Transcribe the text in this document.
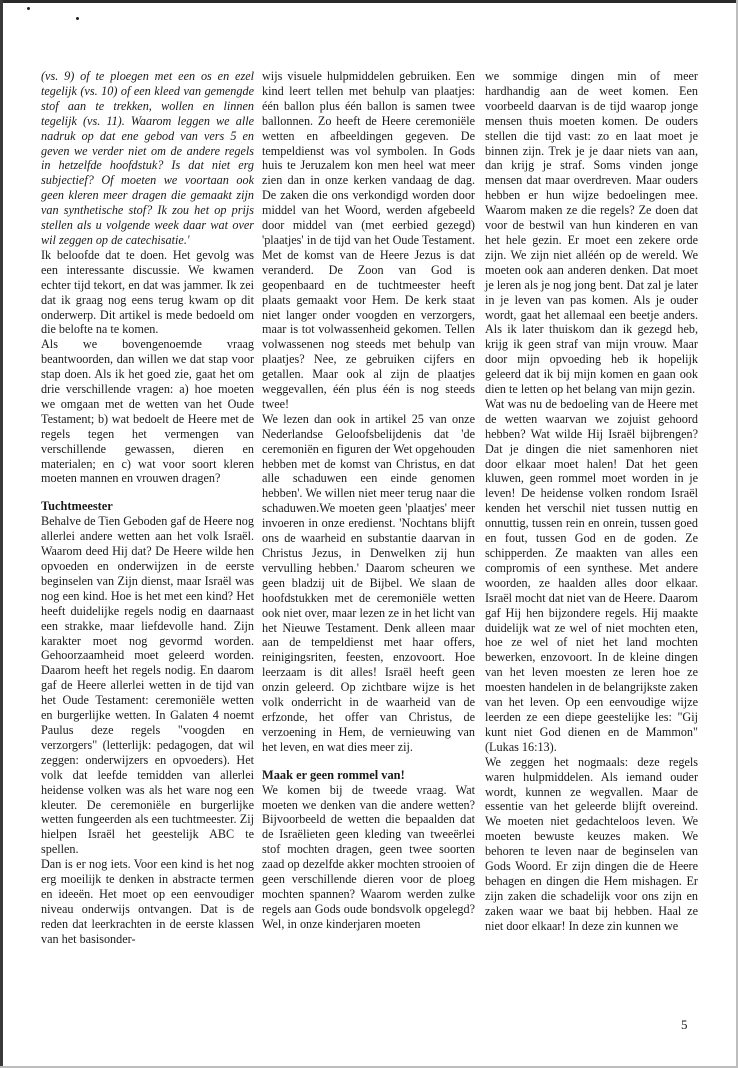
(vs. 9) of te ploegen met een os en ezel tegelijk (vs. 10) of een kleed van gemengde stof aan te trekken, wollen en linnen tegelijk (vs. 11). Waarom leggen we alle nadruk op dat ene gebod van vers 5 en geven we verder niet om de andere regels in hetzelfde hoofdstuk? Is dat niet erg subjectief? Of moeten we voortaan ook geen kleren meer dragen die gemaakt zijn van synthetische stof? Ik zou het op prijs stellen als u volgende week daar wat over wil zeggen op de catechisatie.'

Ik beloofde dat te doen. Het gevolg was een interessante discussie. We kwamen echter tijd tekort, en dat was jammer. Ik zei dat ik graag nog eens terug kwam op dit onderwerp. Dit artikel is mede bedoeld om die belofte na te komen.

Als we bovengenoemde vraag beantwoorden, dan willen we dat stap voor stap doen. Als ik het goed zie, gaat het om drie verschillende vragen: a) hoe moeten we omgaan met de wetten van het Oude Testament; b) wat bedoelt de Heere met de regels tegen het vermengen van verschillende gewassen, dieren en materialen; en c) wat voor soort kleren moeten mannen en vrouwen dragen?

Tuchtmeester

Behalve de Tien Geboden gaf de Heere nog allerlei andere wetten aan het volk Israël. Waarom deed Hij dat? De Heere wilde hen opvoeden en onderwijzen in de eerste beginselen van Zijn dienst, maar Israël was nog een kind. Hoe is het met een kind? Het heeft duidelijke regels nodig en daarnaast een strakke, maar liefdevolle hand. Zijn karakter moet nog gevormd worden. Gehoorzaamheid moet geleerd worden. Daarom heeft het regels nodig. En daarom gaf de Heere allerlei wetten in de tijd van het Oude Testament: ceremoniële wetten en burgerlijke wetten. In Galaten 4 noemt Paulus deze regels "voogden en verzorgers" (letterlijk: pedagogen, dat wil zeggen: onderwijzers en opvoeders). Het volk dat leefde temidden van allerlei heidense volken was als het ware nog een kleuter. De ceremoniële en burgerlijke wetten fungeerden als een tuchtmeester. Zij hielpen Israël het geestelijk ABC te spellen.

Dan is er nog iets. Voor een kind is het nog erg moeilijk te denken in abstracte termen en ideeën. Het moet op een eenvoudiger niveau onderwijs ontvangen. Dat is de reden dat leerkrachten in de eerste klassen van het basisonder-

wijs visuele hulpmiddelen gebruiken. Een kind leert tellen met behulp van plaatjes: één ballon plus één ballon is samen twee ballonnen. Zo heeft de Heere ceremoniële wetten en afbeeldingen gegeven. De tempeldienst was vol symbolen. In Gods huis te Jeruzalem kon men heel wat meer zien dan in onze kerken vandaag de dag. De zaken die ons verkondigd worden door middel van het Woord, werden afgebeeld door middel van (met eerbied gezegd) 'plaatjes' in de tijd van het Oude Testament. Met de komst van de Heere Jezus is dat veranderd. De Zoon van God is geopenbaard en de tuchtmeester heeft plaats gemaakt voor Hem. De kerk staat niet langer onder voogden en verzorgers, maar is tot volwassenheid gekomen. Tellen volwassenen nog steeds met behulp van plaatjes? Nee, ze gebruiken cijfers en getallen. Maar ook al zijn de plaatjes weggevallen, één plus één is nog steeds twee!

We lezen dan ook in artikel 25 van onze Nederlandse Geloofsbelijdenis dat 'de ceremoniën en figuren der Wet opgehouden hebben met de komst van Christus, en dat alle schaduwen een einde genomen hebben'. We willen niet meer terug naar die schaduwen.We moeten geen 'plaatjes' meer invoeren in onze eredienst. 'Nochtans blijft ons de waarheid en substantie daarvan in Christus Jezus, in Denwelken zij hun vervulling hebben.' Daarom scheuren we geen bladzij uit de Bijbel. We slaan de hoofdstukken met de ceremoniële wetten ook niet over, maar lezen ze in het licht van het Nieuwe Testament. Denk alleen maar aan de tempeldienst met haar offers, reinigingsriten, feesten, enzovoort. Hoe leerzaam is dit alles! Israël heeft geen onzin geleerd. Op zichtbare wijze is het volk onderricht in de waarheid van de erfzonde, het offer van Christus, de verzoening in Hem, de vernieuwing van het leven, en wat dies meer zij.

Maak er geen rommel van!

We komen bij de tweede vraag. Wat moeten we denken van die andere wetten? Bijvoorbeeld de wetten die bepaalden dat de Israëlieten geen kleding van tweeërlei stof mochten dragen, geen twee soorten zaad op dezelfde akker mochten strooien of geen verschillende dieren voor de ploeg mochten spannen? Waarom werden zulke regels aan Gods oude bondsvolk opgelegd? Wel, in onze kinderjaren moeten

we sommige dingen min of meer hardhandig aan de weet komen. Een voorbeeld daarvan is de tijd waarop jonge mensen thuis moeten komen. De ouders stellen die tijd vast: zo en laat moet je binnen zijn. Trek je je daar niets van aan, dan krijg je straf. Soms vinden jonge mensen dat maar overdreven. Maar ouders hebben er hun wijze bedoelingen mee. Waarom maken ze die regels? Ze doen dat voor de bestwil van hun kinderen en van het hele gezin. Er moet een zekere orde zijn. We zijn niet alléén op de wereld. We moeten ook aan anderen denken. Dat moet je leren als je nog jong bent. Dat zal je later in je leven van pas komen. Als je ouder wordt, gaat het allemaal een beetje anders. Als ik later thuiskom dan ik gezegd heb, krijg ik geen straf van mijn vrouw. Maar door mijn opvoeding heb ik hopelijk geleerd dat ik bij mijn komen en gaan ook dien te letten op het belang van mijn gezin.

Wat was nu de bedoeling van de Heere met de wetten waarvan we zojuist gehoord hebben? Wat wilde Hij Israël bijbrengen? Dat je dingen die niet samenhoren niet door elkaar moet halen! Dat het geen kluwen, geen rommel moet worden in je leven! De heidense volken rondom Israël kenden het verschil niet tussen nuttig en onnuttig, tussen rein en onrein, tussen goed en fout, tussen God en de goden. Ze schipperden. Ze maakten van alles een compromis of een synthese. Met andere woorden, ze haalden alles door elkaar. Israël mocht dat niet van de Heere. Daarom gaf Hij hen bijzondere regels. Hij maakte duidelijk wat ze wel of niet mochten eten, hoe ze wel of niet het land mochten bewerken, enzovoort. In de kleine dingen van het leven moesten ze leren hoe ze moesten handelen in de belangrijkste zaken van het leven. Op een eenvoudige wijze leerden ze een diepe geestelijke les: "Gij kunt niet God dienen en de Mammon" (Lukas 16:13).

We zeggen het nogmaals: deze regels waren hulpmiddelen. Als iemand ouder wordt, kunnen ze wegvallen. Maar de essentie van het geleerde blijft overeind. We moeten niet gedachteloos leven. We moeten bewuste keuzes maken. We behoren te leven naar de beginselen van Gods Woord. Er zijn dingen die de Heere behagen en dingen die Hem mishagen. Er zijn zaken die schadelijk voor ons zijn en zaken waar we baat bij hebben. Haal ze niet door elkaar! In deze zin kunnen we

5
